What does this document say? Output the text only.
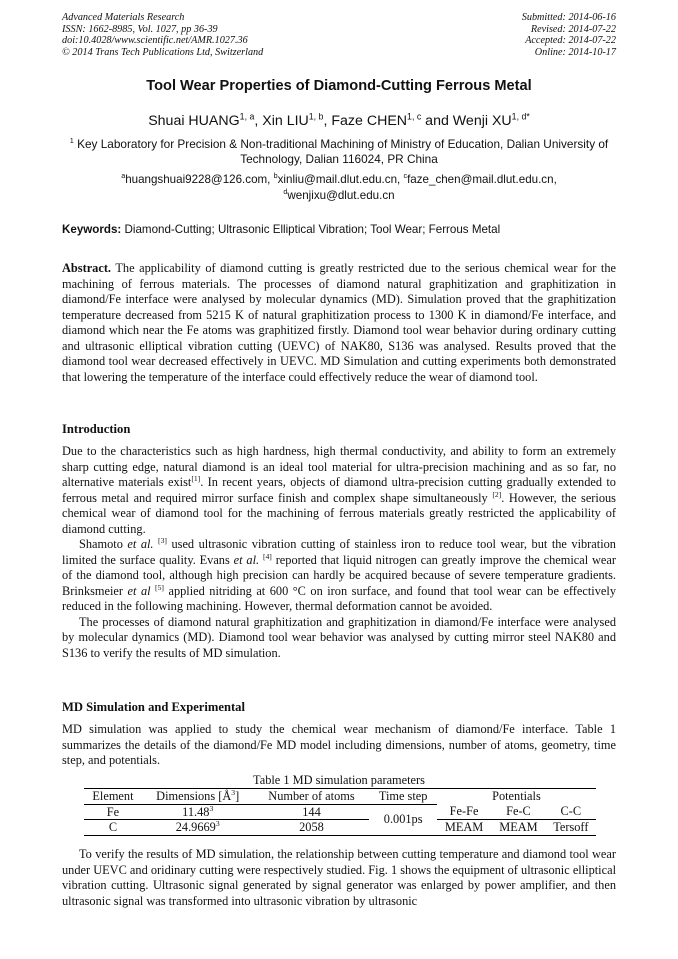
Advanced Materials Research
ISSN: 1662-8985, Vol. 1027, pp 36-39
doi:10.4028/www.scientific.net/AMR.1027.36
© 2014 Trans Tech Publications Ltd, Switzerland
Submitted: 2014-06-16
Revised: 2014-07-22
Accepted: 2014-07-22
Online: 2014-10-17
Tool Wear Properties of Diamond-Cutting Ferrous Metal
Shuai HUANG$^{1, a}$, Xin LIU$^{1, b}$, Faze CHEN$^{1, c}$ and Wenji $XU^{1, d*}$
$^1$ Key Laboratory for Precision & Non-traditional Machining of Ministry of Education, Dalian University of Technology, Dalian 116024, PR China
$^a$huangshuai9228@126.com, $^b$xinliu@mail.dlut.edu.cn, $^c$faze_chen@mail.dlut.edu.cn,
$^d$wenjixu@dlut.edu.cn
Keywords: Diamond-Cutting; Ultrasonic Elliptical Vibration; Tool Wear; Ferrous Metal
Abstract. The applicability of diamond cutting is greatly restricted due to the serious chemical wear for the machining of ferrous materials. The processes of diamond natural graphitization and graphitization in diamond/Fe interface were analysed by molecular dynamics (MD). Simulation proved that the graphitization temperature decreased from 5215 K of natural graphitization process to 1300 K in diamond/Fe interface, and diamond which near the Fe atoms was graphitized firstly. Diamond tool wear behavior during ordinary cutting and ultrasonic elliptical vibration cutting (UEVC) of NAK80, S136 was analysed. Results proved that the diamond tool wear decreased effectively in UEVC. MD Simulation and cutting experiments both demonstrated that lowering the temperature of the interface could effectively reduce the wear of diamond tool.
Introduction
Due to the characteristics such as high hardness, high thermal conductivity, and ability to form an extremely sharp cutting edge, natural diamond is an ideal tool material for ultra-precision machining and as so far, no alternative materials exist[1]. In recent years, objects of diamond ultra-precision cutting gradually extended to ferrous metal and required mirror surface finish and complex shape simultaneously [2]. However, the serious chemical wear of diamond tool for the machining of ferrous materials greatly restricted the applicability of diamond cutting.
Shamoto et al. [3] used ultrasonic vibration cutting of stainless iron to reduce tool wear, but the vibration limited the surface quality. Evans et al. [4] reported that liquid nitrogen can greatly improve the chemical wear of the diamond tool, although high precision can hardly be acquired because of severe temperature gradients. Brinksmeier et al [5] applied nitriding at 600 °C on iron surface, and found that tool wear can be effectively reduced in the following machining. However, thermal deformation cannot be avoided.
The processes of diamond natural graphitization and graphitization in diamond/Fe interface were analysed by molecular dynamics (MD). Diamond tool wear behavior was analysed by cutting mirror steel NAK80 and S136 to verify the results of MD simulation.
MD Simulation and Experimental
MD simulation was applied to study the chemical wear mechanism of diamond/Fe interface. Table 1 summarizes the details of the diamond/Fe MD model including dimensions, number of atoms, geometry, time step, and potentials.
Table 1 MD simulation parameters
Element	Dimensions $[Å^3]$	Number of atoms	Time step	Potentials		
Fe	11.48$^3$	144	0.001ps	Fe-Fe	Fe-C	C-C
C	24.9669$^3$	2058		MEAM	MEAM	Tersoff
To verify the results of MD simulation, the relationship between cutting temperature and diamond tool wear under UEVC and oridinary cutting were respectively studied. Fig. 1 shows the equipment of ultrasonic elliptical vibration cutting. Ultrasonic signal generated by signal generator was enlarged by power amplifier, and then ultrasonic signal was transformed into ultrasonic vibration by ultrasonic
